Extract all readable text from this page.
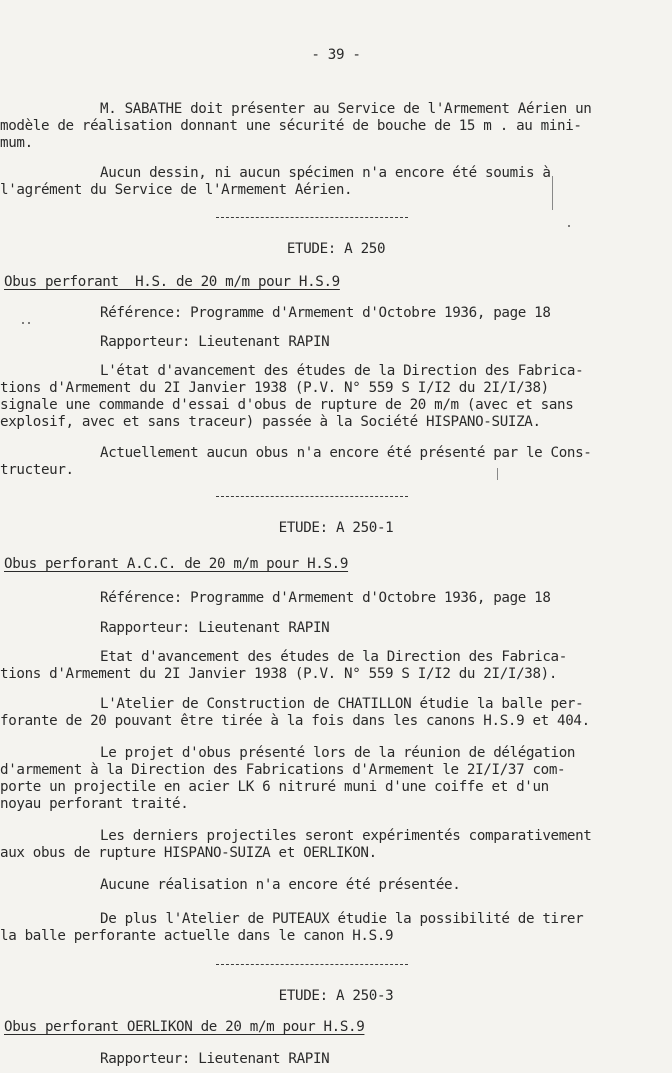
- 39 -
M. SABATHE doit présenter au Service de l'Armement Aérien un
modèle de réalisation donnant une sécurité de bouche de 15 m . au mini-
mum.
Aucun dessin, ni aucun spécimen n'a encore été soumis à
l'agrément du Service de l'Armement Aérien.
ETUDE: A 250
Obus perforant  H.S. de 20 m/m pour H.S.9
Référence: Programme d'Armement d'Octobre 1936, page 18
Rapporteur: Lieutenant RAPIN
L'état d'avancement des études de la Direction des Fabrica-
tions d'Armement du 2I Janvier 1938 (P.V. N° 559 S I/I2 du 2I/I/38)
signale une commande d'essai d'obus de rupture de 20 m/m (avec et sans
explosif, avec et sans traceur) passée à la Société HISPANO-SUIZA.
Actuellement aucun obus n'a encore été présenté par le Cons-
tructeur.
ETUDE: A 250-1
Obus perforant A.C.C. de 20 m/m pour H.S.9
Référence: Programme d'Armement d'Octobre 1936, page 18
Rapporteur: Lieutenant RAPIN
Etat d'avancement des études de la Direction des Fabrica-
tions d'Armement du 2I Janvier 1938 (P.V. N° 559 S I/I2 du 2I/I/38).
L'Atelier de Construction de CHATILLON étudie la balle per-
forante de 20 pouvant être tirée à la fois dans les canons H.S.9 et 404.
Le projet d'obus présenté lors de la réunion de délégation
d'armement à la Direction des Fabrications d'Armement le 2I/I/37 com-
porte un projectile en acier LK 6 nitruré muni d'une coiffe et d'un
noyau perforant traité.
Les derniers projectiles seront expérimentés comparativement
aux obus de rupture HISPANO-SUIZA et OERLIKON.
Aucune réalisation n'a encore été présentée.
De plus l'Atelier de PUTEAUX étudie la possibilité de tirer
la balle perforante actuelle dans le canon H.S.9
ETUDE: A 250-3
Obus perforant OERLIKON de 20 m/m pour H.S.9
Rapporteur: Lieutenant RAPIN
